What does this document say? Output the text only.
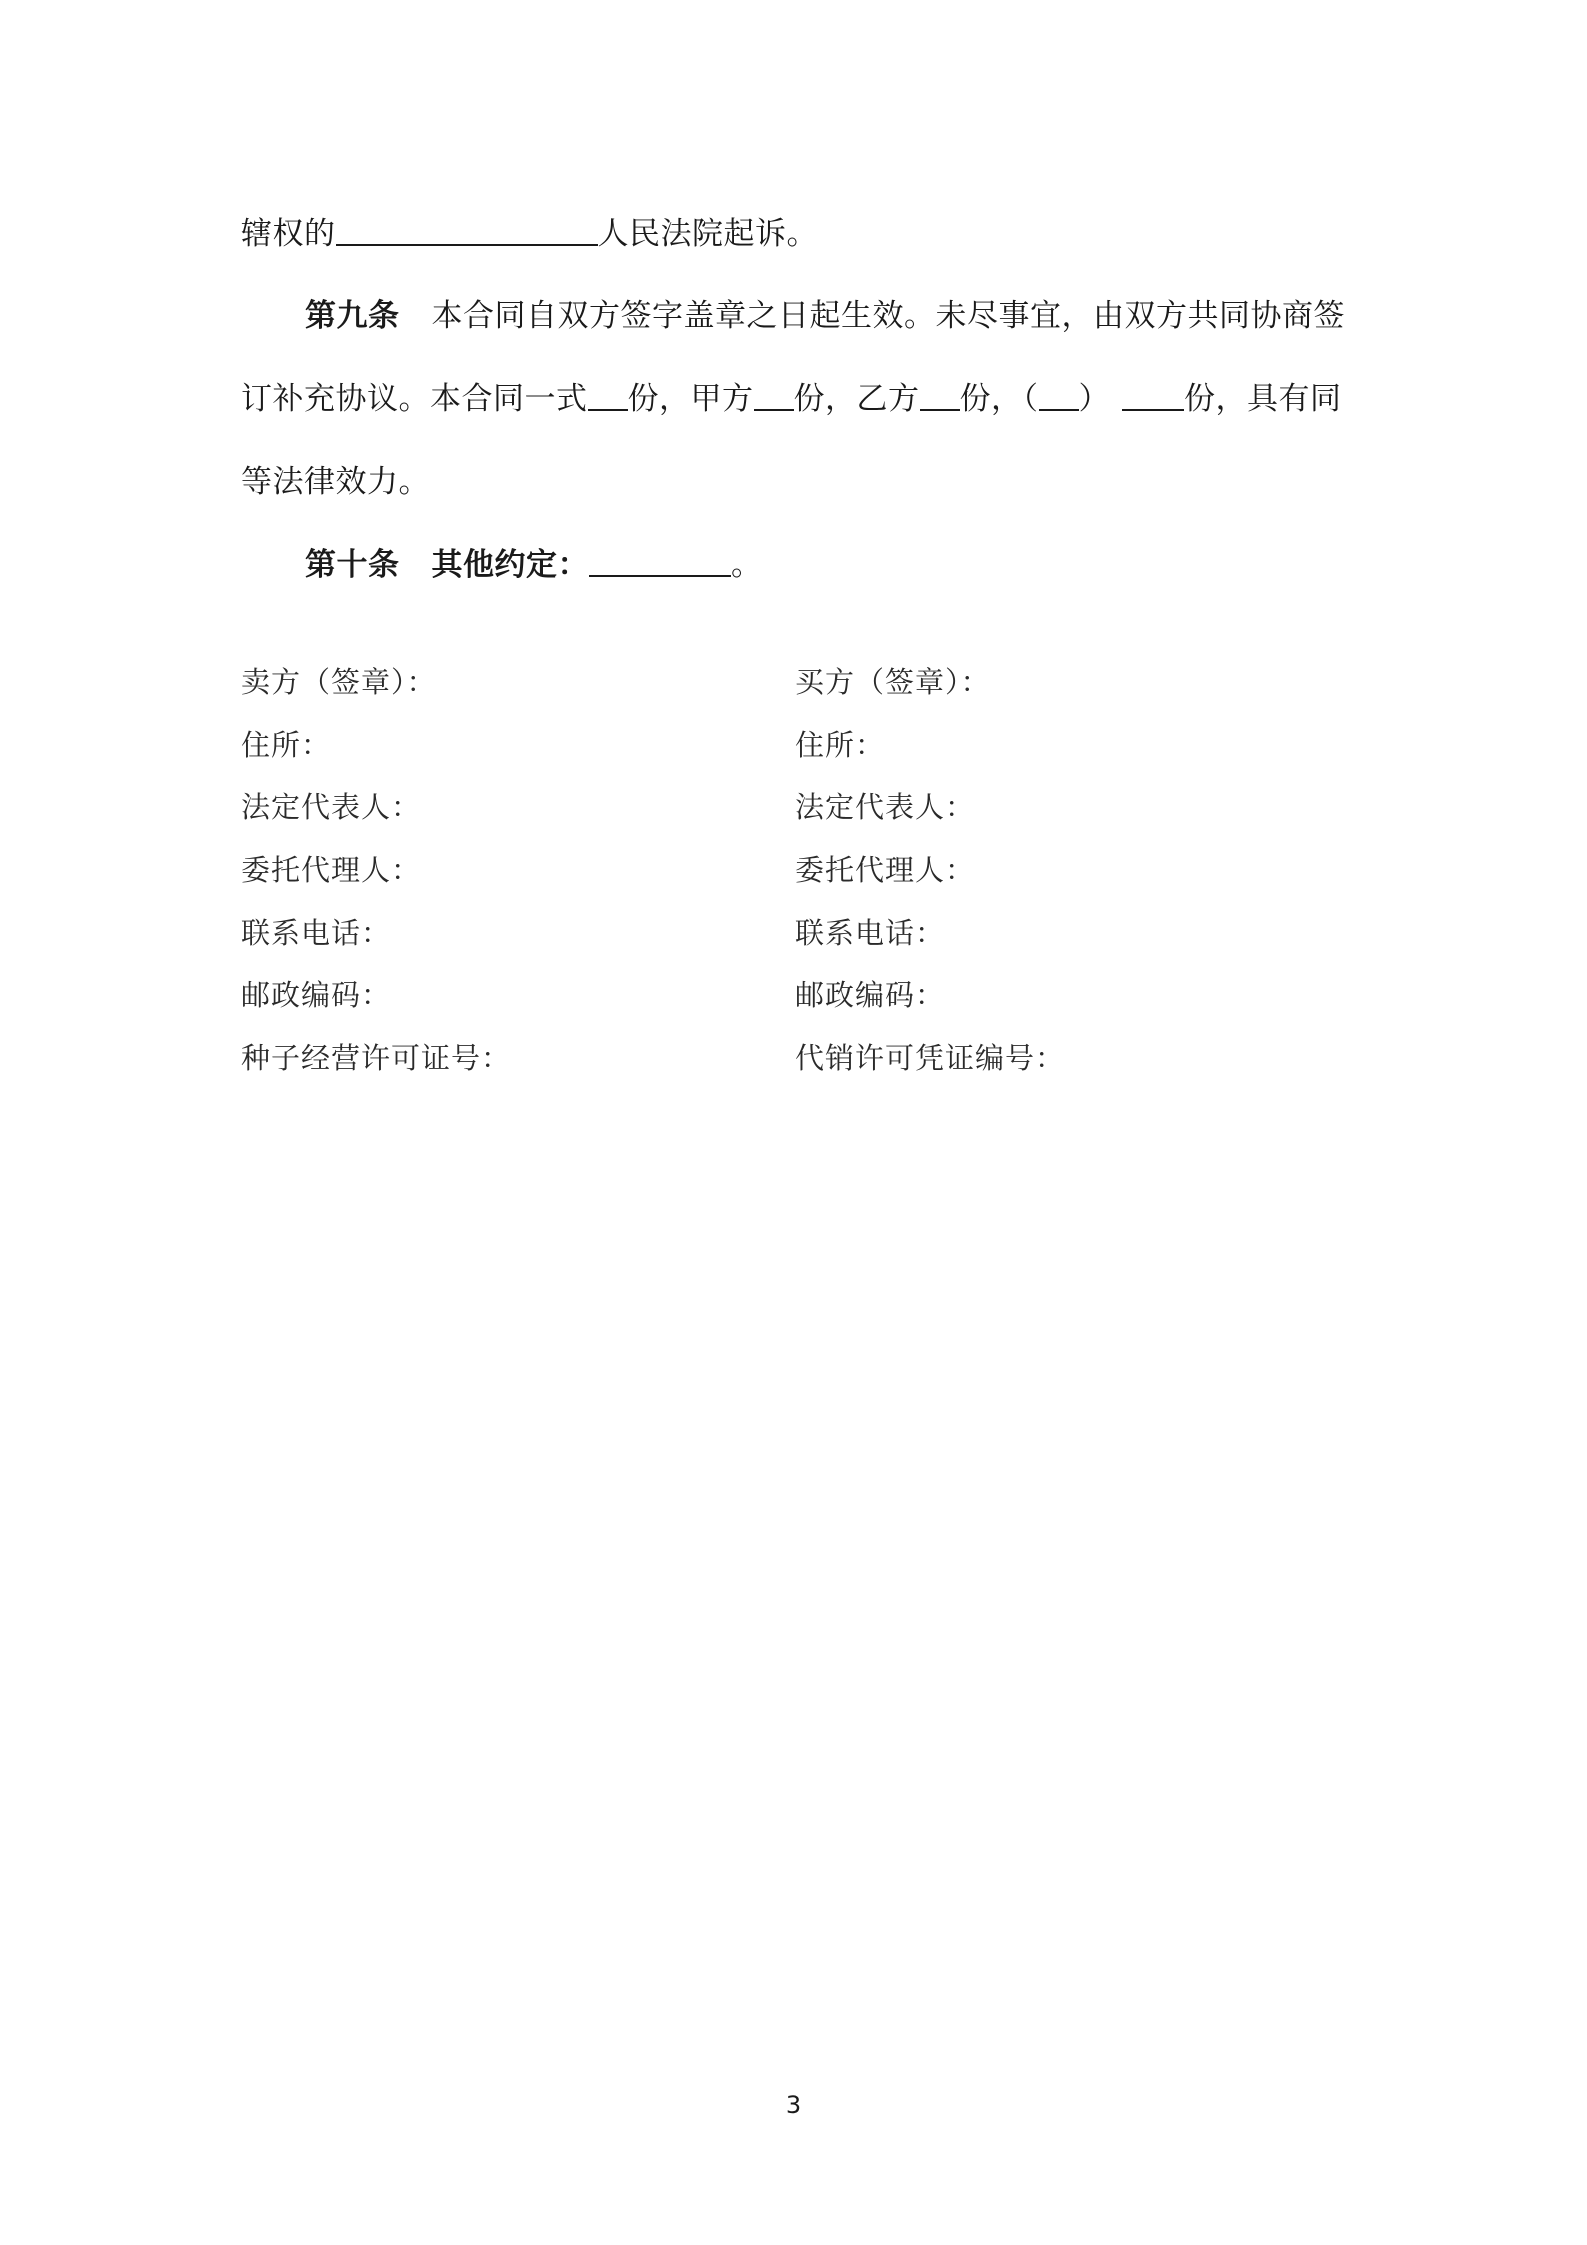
辖权的	人民法院起诉。
第九条 本合同自双方签字盖章之日起生效。未尽事宜，由双方共同协商签
订补充协议。本合同一式 份，甲方 份，乙方 份，（ ） 份，具有同
等法律效力。
第十条 其他约定：	。
卖方（签章）：
住所：
法定代表人：
委托代理人：
联系电话：
邮政编码：
种子经营许可证号：
买方（签章）：
住所：
法定代表人：
委托代理人：
联系电话：
邮政编码：
代销许可凭证编号：
3
